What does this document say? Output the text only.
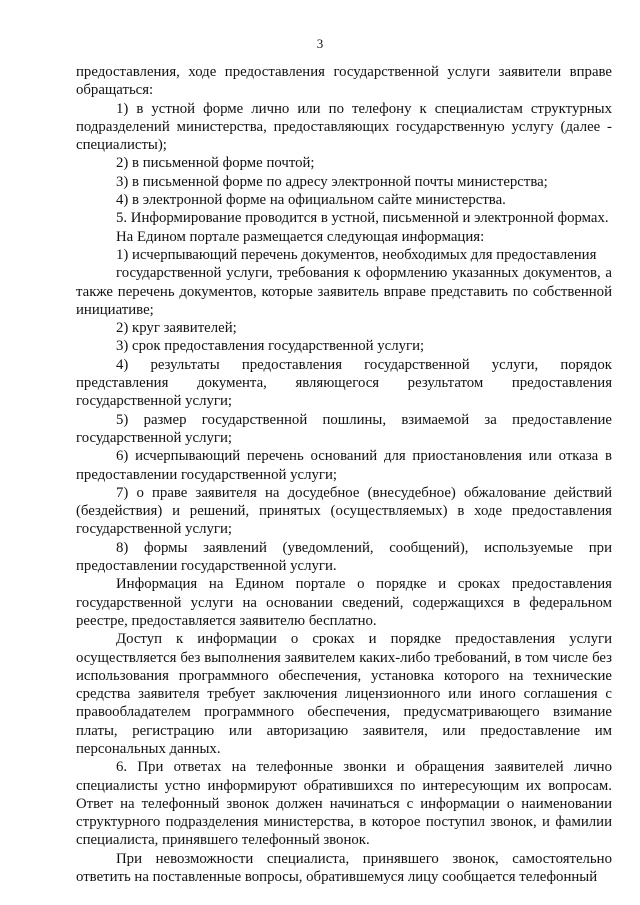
3

предоставления, ходе предоставления государственной услуги заявители вправе обращаться:

1) в устной форме лично или по телефону к специалистам структурных подразделений министерства, предоставляющих государственную услугу (далее - специалисты);

2) в письменной форме почтой;

3) в письменной форме по адресу электронной почты министерства;

4) в электронной форме на официальном сайте министерства.

5. Информирование проводится в устной, письменной и электронной формах.

На Едином портале размещается следующая информация:

1) исчерпывающий перечень документов, необходимых для предоставления

государственной услуги, требования к оформлению указанных документов, а также перечень документов, которые заявитель вправе представить по собственной инициативе;

2) круг заявителей;

3) срок предоставления государственной услуги;

4) результаты предоставления государственной услуги, порядок представления документа, являющегося результатом предоставления государственной услуги;

5) размер государственной пошлины, взимаемой за предоставление государственной услуги;

6) исчерпывающий перечень оснований для приостановления или отказа в предоставлении государственной услуги;

7) о праве заявителя на досудебное (внесудебное) обжалование действий (бездействия) и решений, принятых (осуществляемых) в ходе предоставления государственной услуги;

8) формы заявлений (уведомлений, сообщений), используемые при предоставлении государственной услуги.

Информация на Едином портале о порядке и сроках предоставления государственной услуги на основании сведений, содержащихся в федеральном реестре, предоставляется заявителю бесплатно.

Доступ к информации о сроках и порядке предоставления услуги осуществляется без выполнения заявителем каких-либо требований, в том числе без использования программного обеспечения, установка которого на технические средства заявителя требует заключения лицензионного или иного соглашения с правообладателем программного обеспечения, предусматривающего взимание платы, регистрацию или авторизацию заявителя, или предоставление им персональных данных.

6. При ответах на телефонные звонки и обращения заявителей лично специалисты устно информируют обратившихся по интересующим их вопросам. Ответ на телефонный звонок должен начинаться с информации о наименовании структурного подразделения министерства, в которое поступил звонок, и фамилии специалиста, принявшего телефонный звонок.

При невозможности специалиста, принявшего звонок, самостоятельно ответить на поставленные вопросы, обратившемуся лицу сообщается телефонный
